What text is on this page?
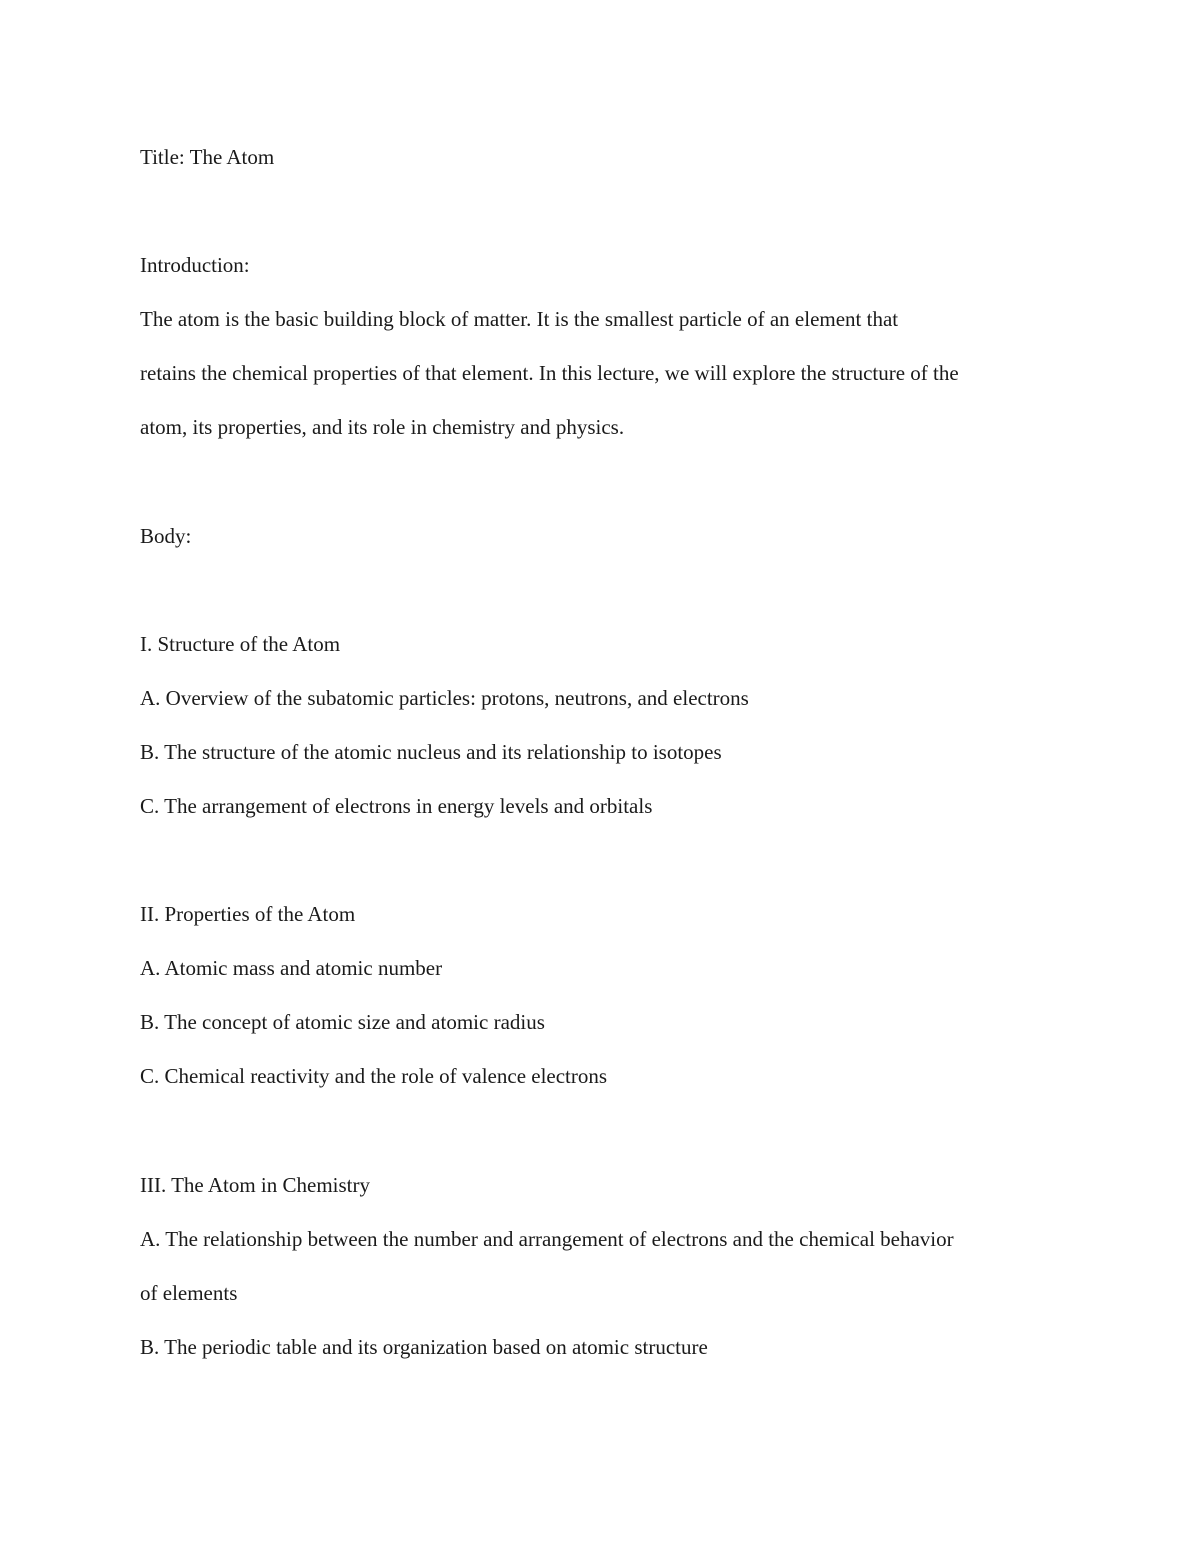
Title: The Atom
Introduction:
The atom is the basic building block of matter. It is the smallest particle of an element that
retains the chemical properties of that element. In this lecture, we will explore the structure of the
atom, its properties, and its role in chemistry and physics.
Body:
I. Structure of the Atom
A. Overview of the subatomic particles: protons, neutrons, and electrons
B. The structure of the atomic nucleus and its relationship to isotopes
C. The arrangement of electrons in energy levels and orbitals
II. Properties of the Atom
A. Atomic mass and atomic number
B. The concept of atomic size and atomic radius
C. Chemical reactivity and the role of valence electrons
III. The Atom in Chemistry
A. The relationship between the number and arrangement of electrons and the chemical behavior
of elements
B. The periodic table and its organization based on atomic structure
